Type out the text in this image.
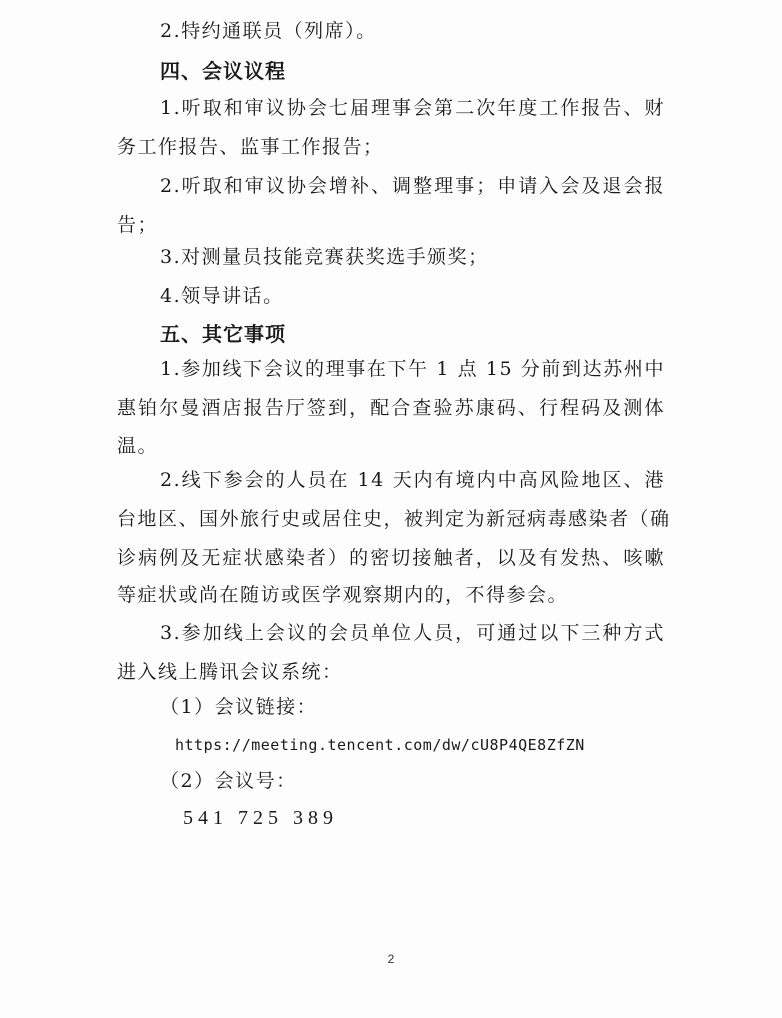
2.特约通联员（列席）。
四、会议议程
1.听取和审议协会七届理事会第二次年度工作报告、财
务工作报告、监事工作报告；
2.听取和审议协会增补、调整理事；申请入会及退会报
告；
3.对测量员技能竞赛获奖选手颁奖；
4.领导讲话。
五、其它事项
1.参加线下会议的理事在下午 1 点 15 分前到达苏州中
惠铂尔曼酒店报告厅签到，配合查验苏康码、行程码及测体
温。
2.线下参会的人员在 14 天内有境内中高风险地区、港
台地区、国外旅行史或居住史，被判定为新冠病毒感染者（确
诊病例及无症状感染者）的密切接触者，以及有发热、咳嗽
等症状或尚在随访或医学观察期内的，不得参会。
3.参加线上会议的会员单位人员，可通过以下三种方式
进入线上腾讯会议系统：
（1）会议链接：
https://meeting.tencent.com/dw/cU8P4QE8ZfZN
（2）会议号：
541 725 389
2
